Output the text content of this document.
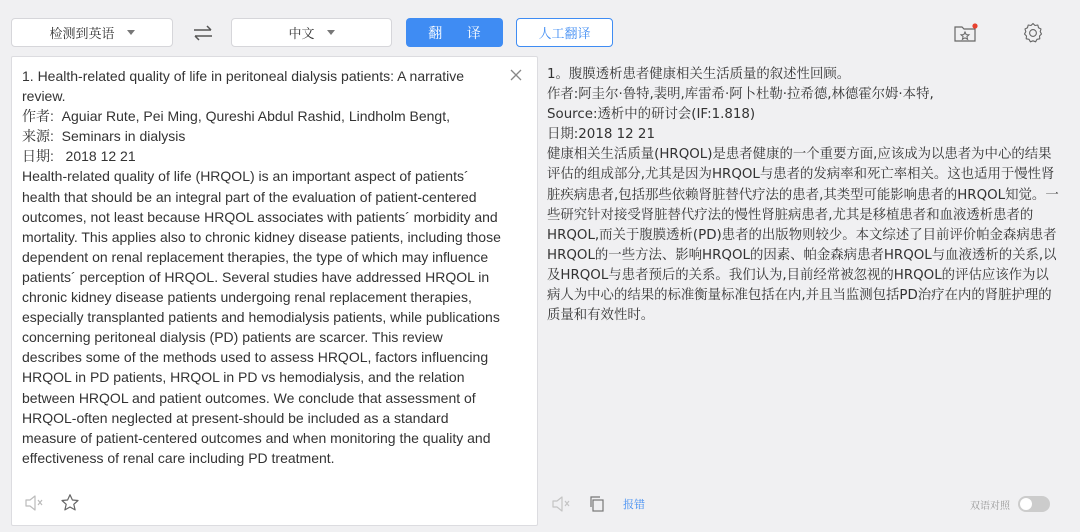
检测到英语	中文	翻 译	人工翻译
1. Health-related quality of life in peritoneal dialysis patients: A narrative review.
作者:  Aguiar Rute, Pei Ming, Qureshi Abdul Rashid, Lindholm Bengt,
来源:  Seminars in dialysis
日期:   2018 12 21
Health-related quality of life (HRQOL) is an important aspect of patients´ health that should be an integral part of the evaluation of patient-centered outcomes, not least because HRQOL associates with patients´ morbidity and mortality. This applies also to chronic kidney disease patients, including those dependent on renal replacement therapies, the type of which may influence patients´ perception of HRQOL. Several studies have addressed HRQOL in chronic kidney disease patients undergoing renal replacement therapies, especially transplanted patients and hemodialysis patients, while publications concerning peritoneal dialysis (PD) patients are scarcer. This review describes some of the methods used to assess HRQOL, factors influencing HRQOL in PD patients, HRQOL in PD vs hemodialysis, and the relation between HRQOL and patient outcomes. We conclude that assessment of HRQOL-often neglected at present-should be included as a standard measure of patient-centered outcomes and when monitoring the quality and effectiveness of renal care including PD treatment.
1。腹膜透析患者健康相关生活质量的叙述性回顾。
作者:阿圭尔·鲁特,裴明,库雷希·阿卜杜勒·拉希德,林德霍尔姆·本特,
Source:透析中的研讨会(IF:1.818)
日期:2018 12 21
健康相关生活质量(HRQOL)是患者健康的一个重要方面,应该成为以患者为中心的结果评估的组成部分,尤其是因为HRQOL与患者的发病率和死亡率相关。这也适用于慢性肾脏疾病患者,包括那些依赖肾脏替代疗法的患者,其类型可能影响患者的HRQOL知觉。一些研究针对接受肾脏替代疗法的慢性肾脏病患者,尤其是移植患者和血液透析患者的HRQOL,而关于腹膜透析(PD)患者的出版物则较少。本文综述了目前评价帕金森病患者HRQOL的一些方法、影响HRQOL的因素、帕金森病患者HRQOL与血液透析的关系,以及HRQOL与患者预后的关系。我们认为,目前经常被忽视的HRQOL的评估应该作为以病人为中心的结果的标准衡量标准包括在内,并且当监测包括PD治疗在内的肾脏护理的质量和有效性时。
报错	双语对照
